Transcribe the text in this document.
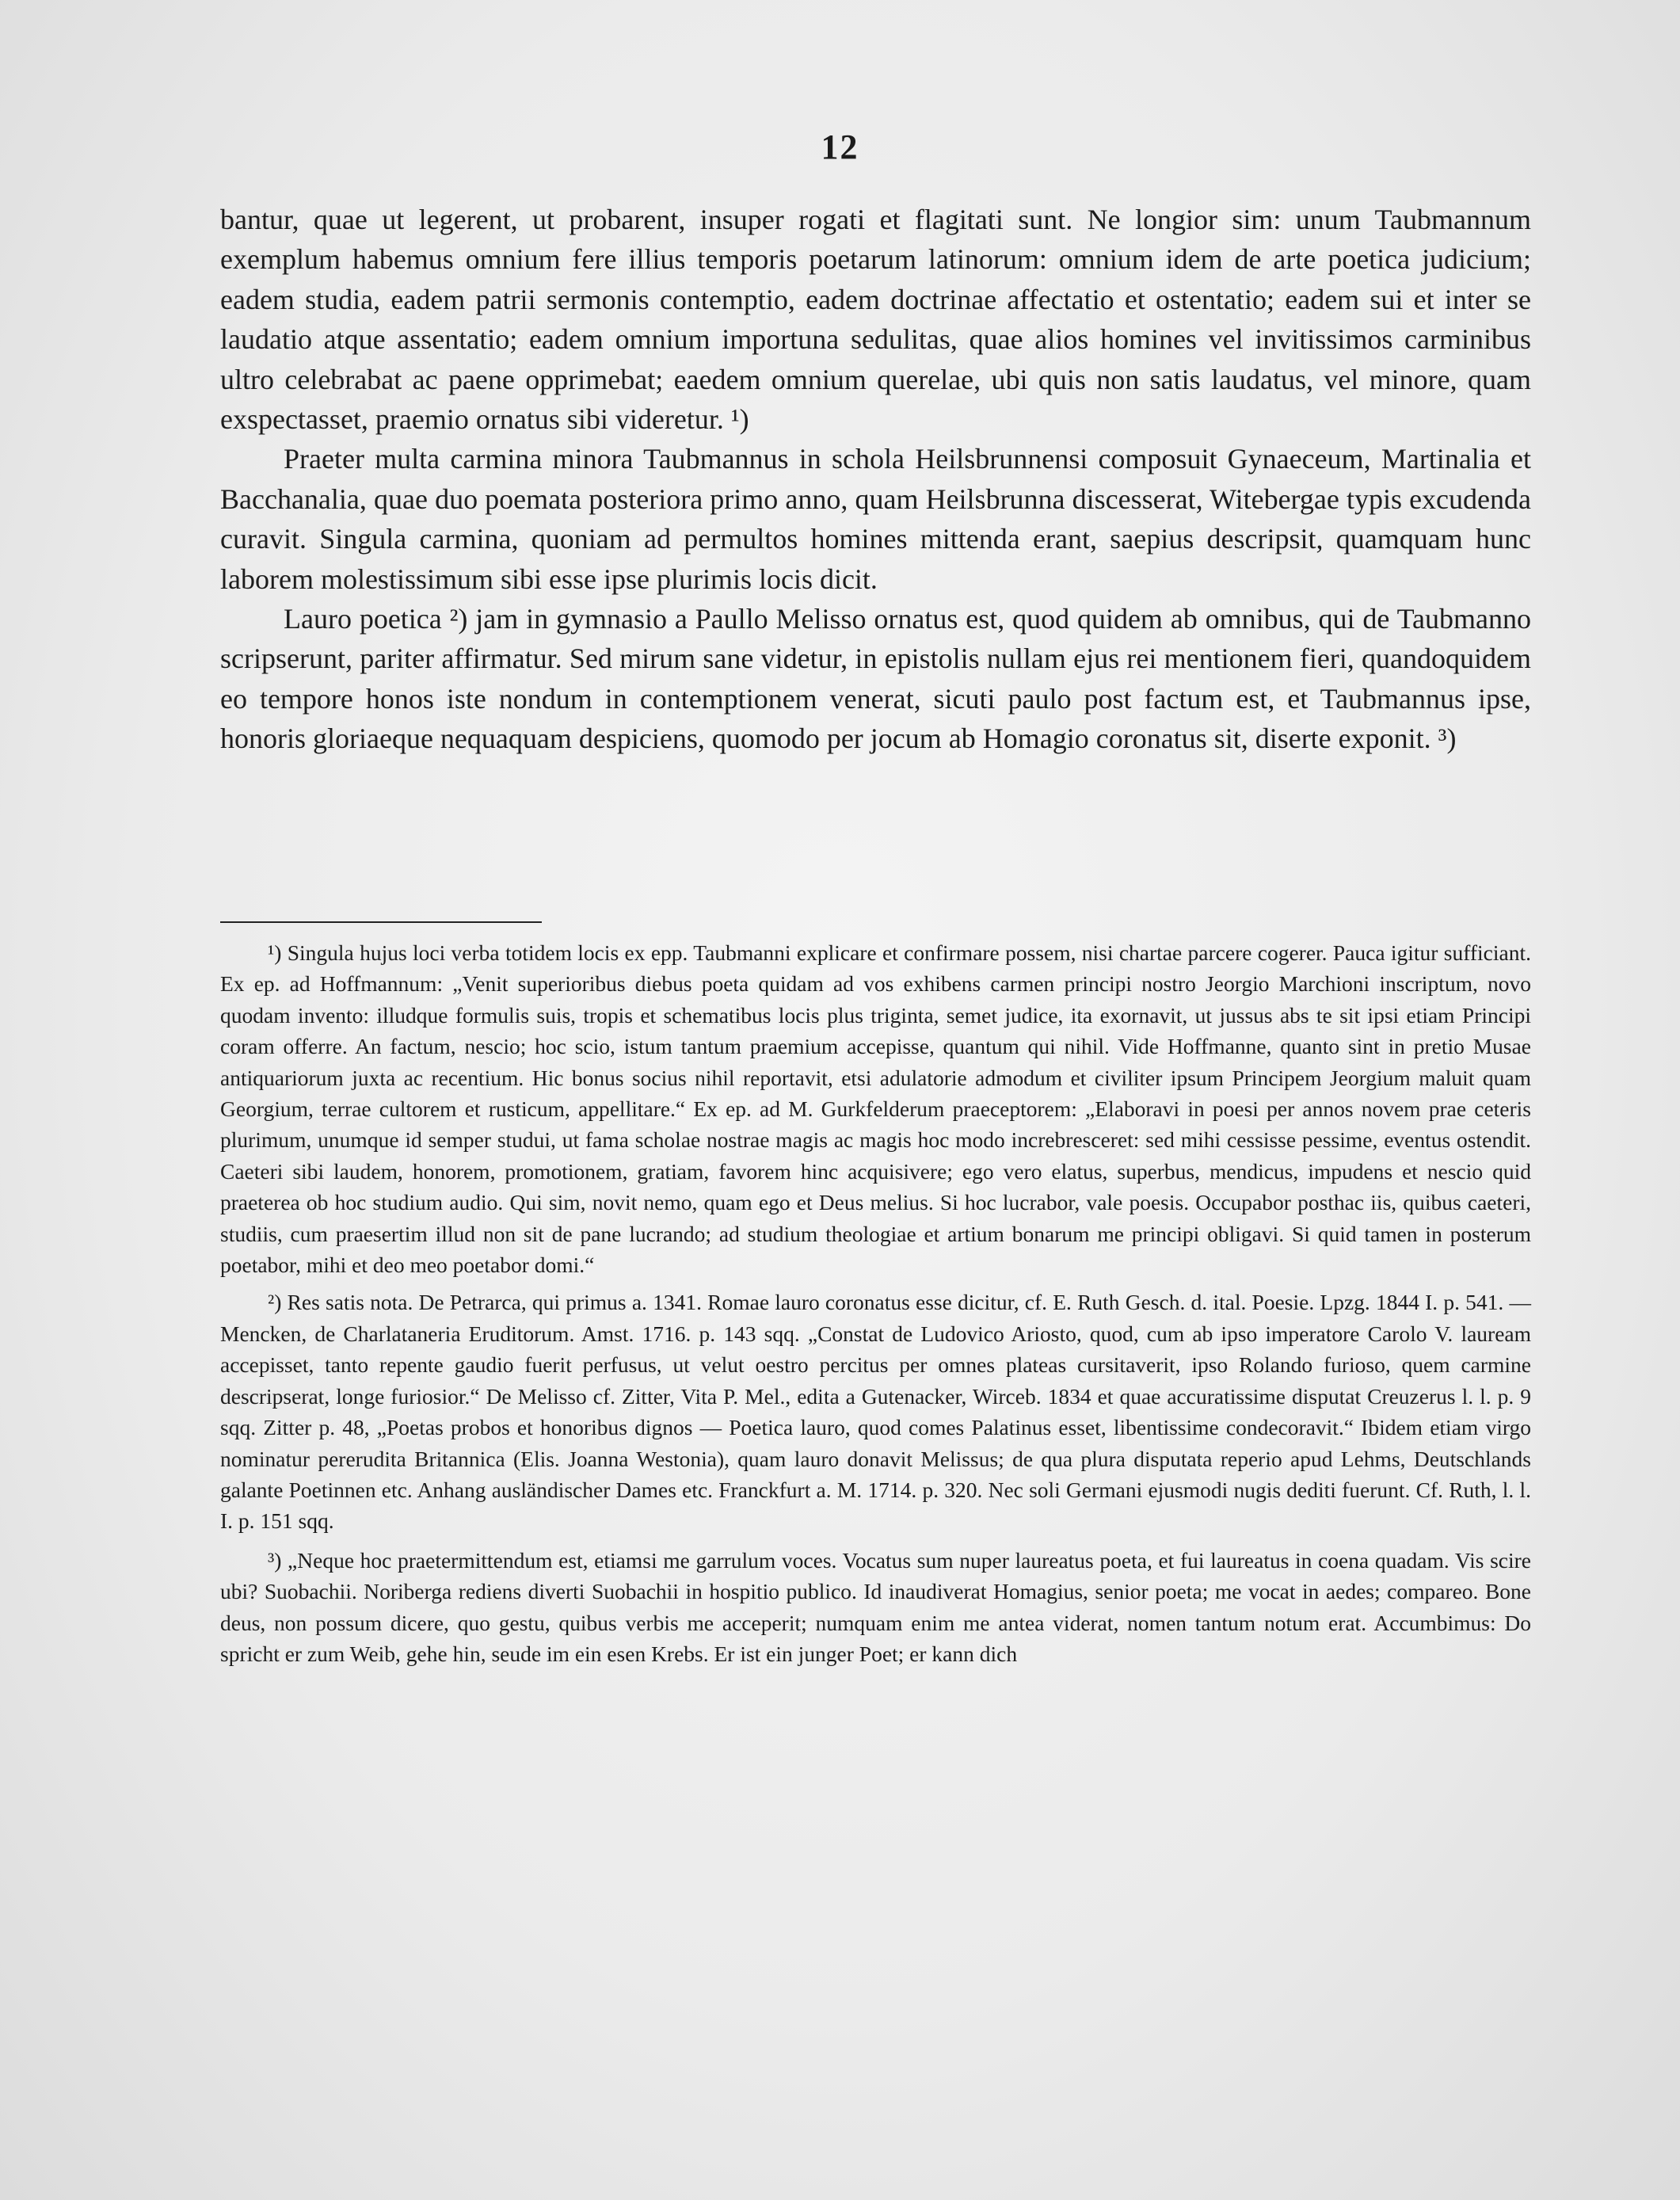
12

bantur, quae ut legerent, ut probarent, insuper rogati et flagitati sunt. Ne longior sim: unum Taubmannum exemplum habemus omnium fere illius temporis poetarum latinorum: omnium idem de arte poetica judicium; eadem studia, eadem patrii sermonis contemptio, eadem doctrinae affectatio et ostentatio; eadem sui et inter se laudatio atque assentatio; eadem omnium importuna sedulitas, quae alios homines vel invitissimos carminibus ultro celebrabat ac paene opprimebat; eaedem omnium querelae, ubi quis non satis laudatus, vel minore, quam exspectasset, praemio ornatus sibi videretur. ¹)

Praeter multa carmina minora Taubmannus in schola Heilsbrunnensi composuit Gynaeceum, Martinalia et Bacchanalia, quae duo poemata posteriora primo anno, quam Heilsbrunna discesserat, Witebergae typis excudenda curavit. Singula carmina, quoniam ad permultos homines mittenda erant, saepius descripsit, quamquam hunc laborem molestissimum sibi esse ipse plurimis locis dicit.

Lauro poetica ²) jam in gymnasio a Paullo Melisso ornatus est, quod quidem ab omnibus, qui de Taubmanno scripserunt, pariter affirmatur. Sed mirum sane videtur, in epistolis nullam ejus rei mentionem fieri, quandoquidem eo tempore honos iste nondum in contemptionem venerat, sicuti paulo post factum est, et Taubmannus ipse, honoris gloriaeque nequaquam despiciens, quomodo per jocum ab Homagio coronatus sit, diserte exponit. ³)

¹) Singula hujus loci verba totidem locis ex epp. Taubmanni explicare et confirmare possem, nisi chartae parcere cogerer. Pauca igitur sufficiant. Ex ep. ad Hoffmannum: „Venit superioribus diebus poeta quidam ad vos exhibens carmen principi nostro Jeorgio Marchioni inscriptum, novo quodam invento: illudque formulis suis, tropis et schematibus locis plus triginta, semet judice, ita exornavit, ut jussus abs te sit ipsi etiam Principi coram offerre. An factum, nescio; hoc scio, istum tantum praemium accepisse, quantum qui nihil. Vide Hoffmanne, quanto sint in pretio Musae antiquariorum juxta ac recentium. Hic bonus socius nihil reportavit, etsi adulatorie admodum et civiliter ipsum Principem Jeorgium maluit quam Georgium, terrae cultorem et rusticum, appellitare.“ Ex ep. ad M. Gurkfelderum praeceptorem: „Elaboravi in poesi per annos novem prae ceteris plurimum, unumque id semper studui, ut fama scholae nostrae magis ac magis hoc modo increbresceret: sed mihi cessisse pessime, eventus ostendit. Caeteri sibi laudem, honorem, promotionem, gratiam, favorem hinc acquisivere; ego vero elatus, superbus, mendicus, impudens et nescio quid praeterea ob hoc studium audio. Qui sim, novit nemo, quam ego et Deus melius. Si hoc lucrabor, vale poesis. Occupabor posthac iis, quibus caeteri, studiis, cum praesertim illud non sit de pane lucrando; ad studium theologiae et artium bonarum me principi obligavi. Si quid tamen in posterum poetabor, mihi et deo meo poetabor domi.“

²) Res satis nota. De Petrarca, qui primus a. 1341. Romae lauro coronatus esse dicitur, cf. E. Ruth Gesch. d. ital. Poesie. Lpzg. 1844 I. p. 541. — Mencken, de Charlataneria Eruditorum. Amst. 1716. p. 143 sqq. „Constat de Ludovico Ariosto, quod, cum ab ipso imperatore Carolo V. lauream accepisset, tanto repente gaudio fuerit perfusus, ut velut oestro percitus per omnes plateas cursitaverit, ipso Rolando furioso, quem carmine descripserat, longe furiosior.“ De Melisso cf. Zitter, Vita P. Mel., edita a Gutenacker, Wirceb. 1834 et quae accuratissime disputat Creuzerus l. l. p. 9 sqq. Zitter p. 48, „Poetas probos et honoribus dignos — Poetica lauro, quod comes Palatinus esset, libentissime condecoravit.“ Ibidem etiam virgo nominatur pereruditа Britannica (Elis. Joanna Westonia), quam lauro donavit Melissus; de qua plura disputata reperio apud Lehms, Deutschlands galante Poetinnen etc. Anhang ausländischer Dames etc. Franckfurt a. M. 1714. p. 320. Nec soli Germani ejusmodi nugis dediti fuerunt. Cf. Ruth, l. l. I. p. 151 sqq.

³) „Neque hoc praetermittendum est, etiamsi me garrulum voces. Vocatus sum nuper laureatus poeta, et fui laureatus in coena quadam. Vis scire ubi? Suobachii. Noriberga rediens diverti Suobachii in hospitio publico. Id inaudiverat Homagius, senior poeta; me vocat in aedes; compareo. Bone deus, non possum dicere, quo gestu, quibus verbis me acceperit; numquam enim me antea viderat, nomen tantum notum erat. Accumbimus: Do spricht er zum Weib, gehe hin, seude im ein esen Krebs. Er ist ein junger Poet; er kann dich
